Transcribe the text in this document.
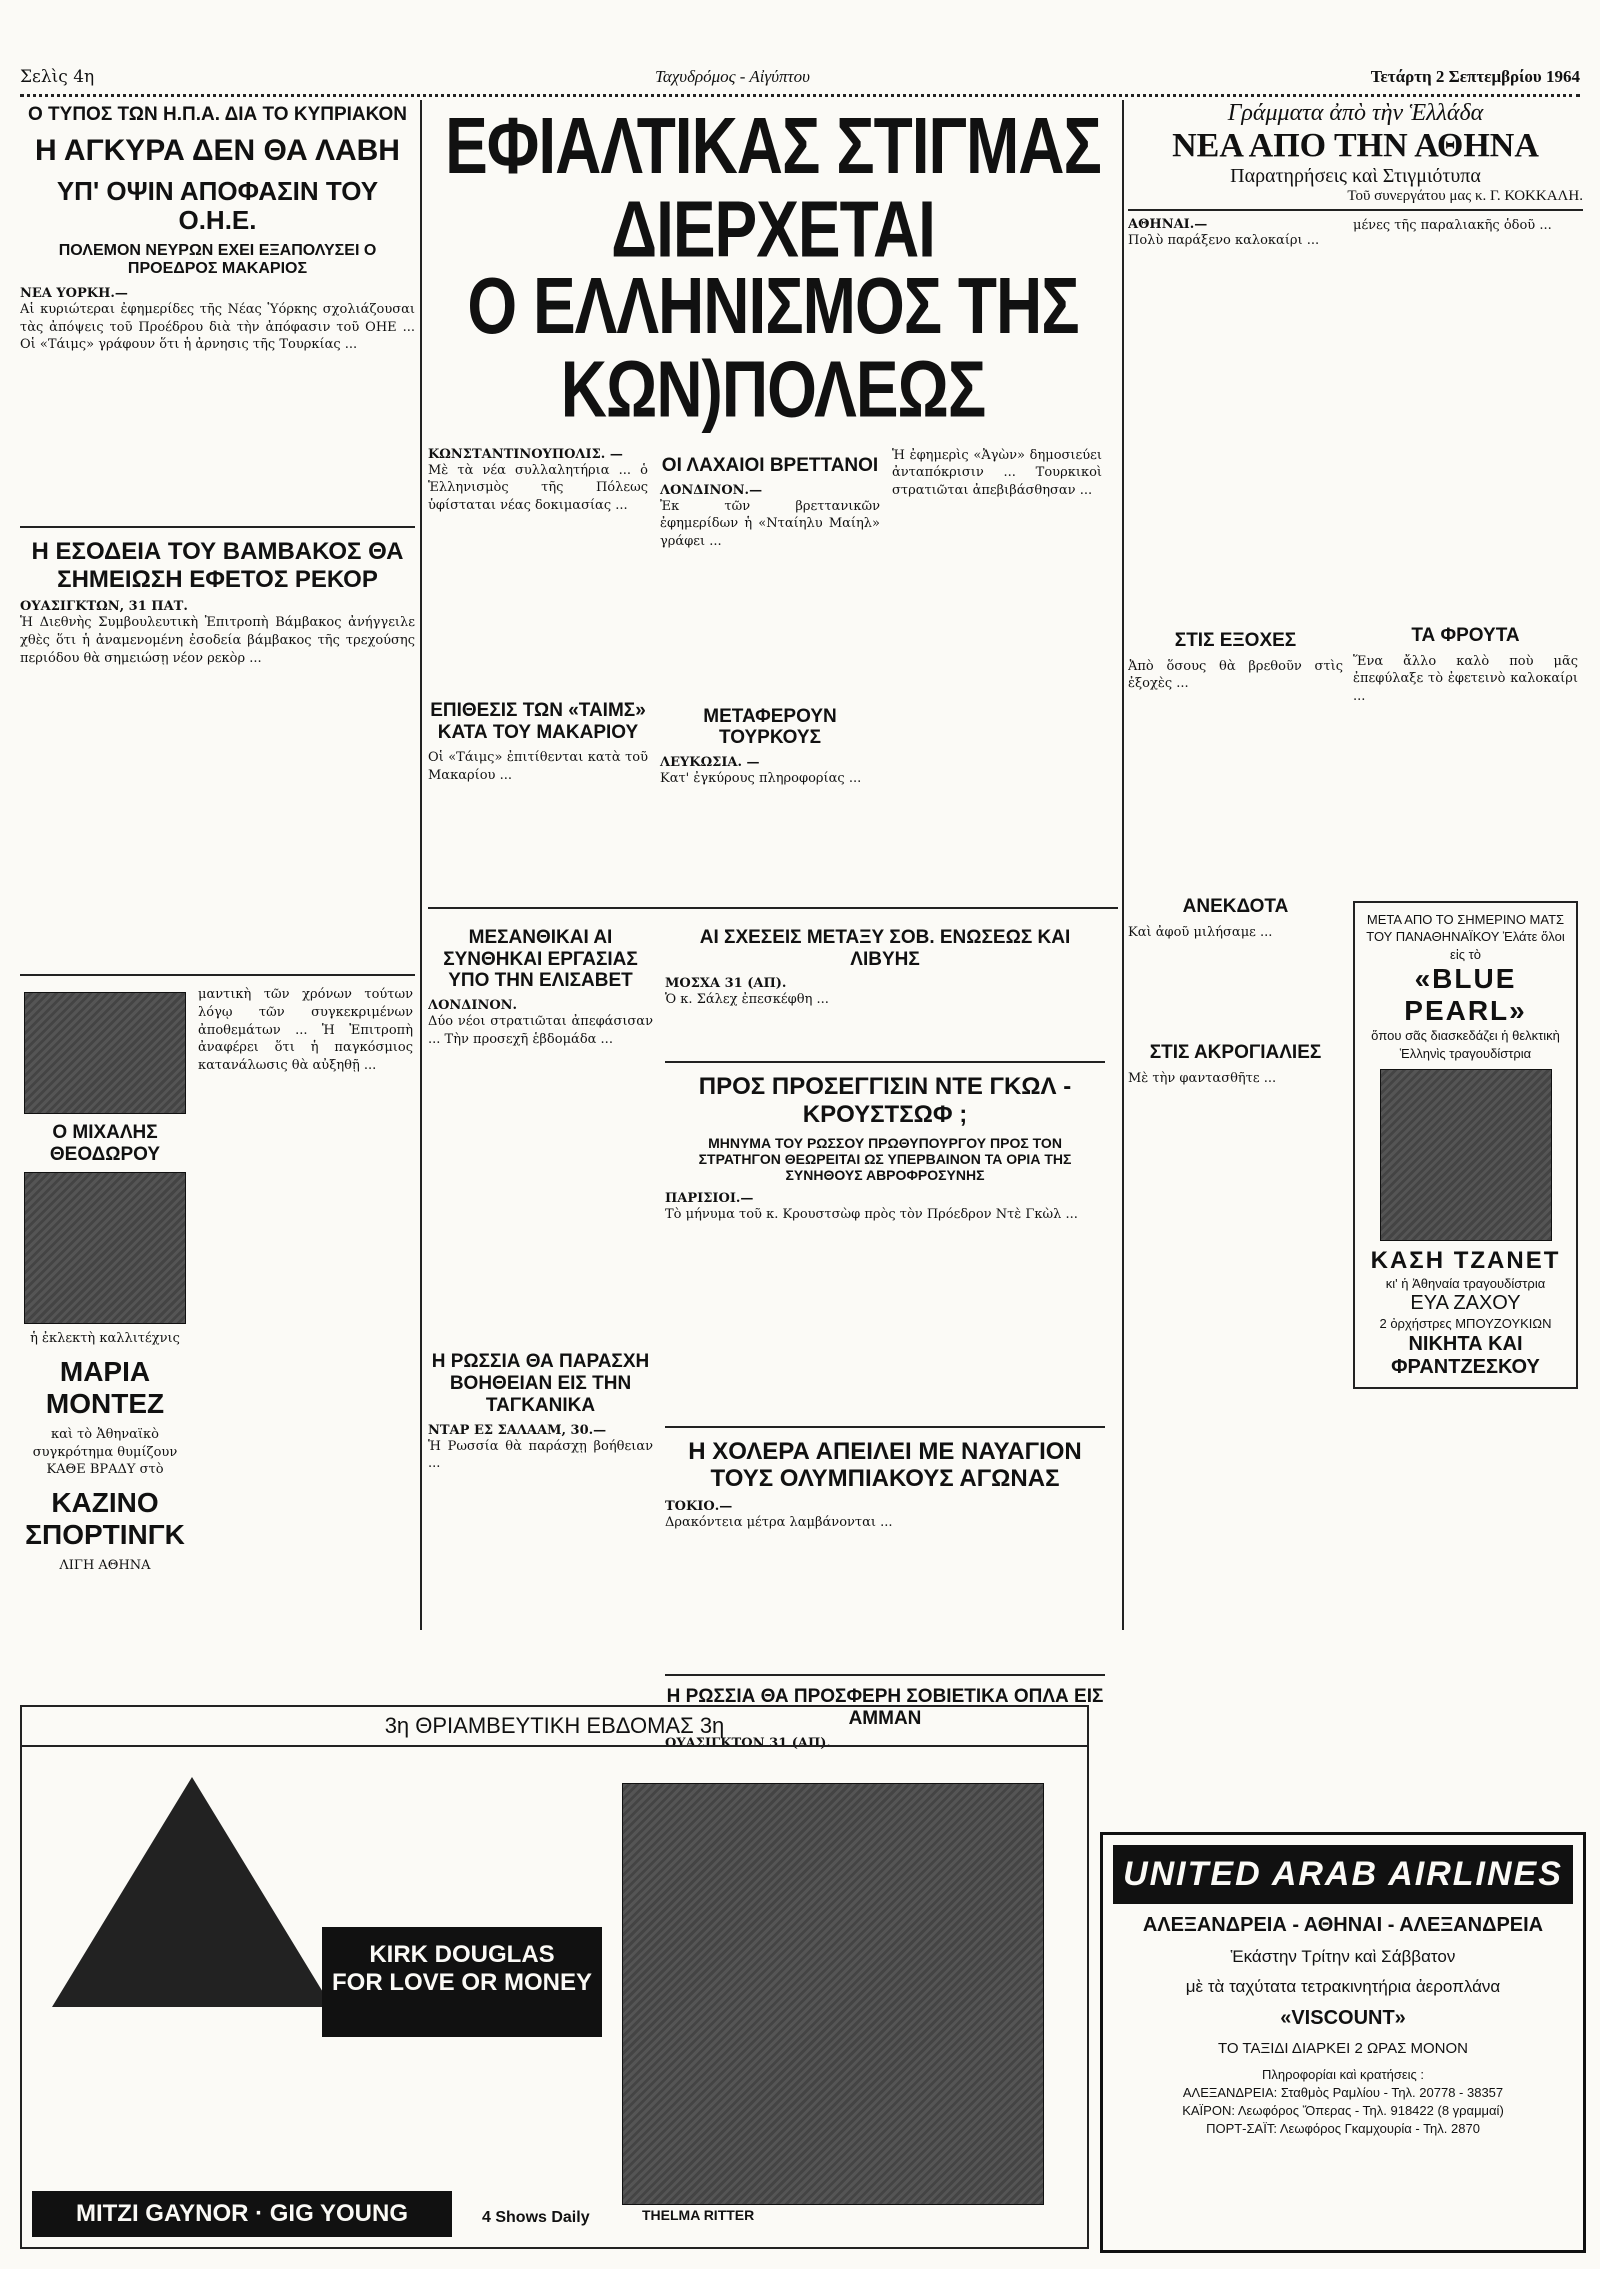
Σελὶς 4η	Ταχυδρόμος - Αἰγύπτου	Τετάρτη 2 Σεπτεμβρίου 1964
Ο ΤΥΠΟΣ ΤΩΝ Η.Π.Α. ΔΙΑ ΤΟ ΚΥΠΡΙΑΚΟΝ
Η ΑΓΚΥΡΑ ΔΕΝ ΘΑ ΛΑΒΗ
ΥΠ' ΟΨΙΝ ΑΠΟΦΑΣΙΝ ΤΟΥ Ο.Η.Ε.
ΠΟΛΕΜΟΝ ΝΕΥΡΩΝ ΕΧΕΙ ΕΞΑΠΟΛΥΣΕΙ Ο ΠΡΟΕΔΡΟΣ ΜΑΚΑΡΙΟΣ
ΝΕΑ ΥΟΡΚΗ.—
Αἱ κυριώτεραι ἐφημερίδες τῆς Νέας Ὑόρκης σχολιάζουσαι τὰς ἀπόψεις τοῦ Προέδρου διὰ τὴν ἀπόφασιν τοῦ ΟΗΕ ... Οἱ «Τάιμς» γράφουν ὅτι ἡ ἀρνησις τῆς Τουρκίας ...
Η ΕΣΟΔΕΙΑ ΤΟΥ ΒΑΜΒΑΚΟΣ ΘΑ ΣΗΜΕΙΩΣΗ ΕΦΕΤΟΣ ΡΕΚΟΡ
ΟΥΑΣΙΓΚΤΩΝ, 31 ΠΑΤ.
Ἡ Διεθνὴς Συμβουλευτικὴ Ἐπιτροπὴ Βάμβακος ἀνήγγειλε χθὲς ὅτι ἡ ἀναμενομένη ἐσοδεία βάμβακος τῆς τρεχούσης περιόδου θὰ σημειώσῃ νέον ρεκὸρ ...
Ο ΜΙΧΑΛΗΣ ΘΕΟΔΩΡΟΥ
ἡ ἐκλεκτὴ καλλιτέχνις
ΜΑΡΙΑ ΜΟΝΤΕΖ
καὶ τὸ Ἀθηναϊκὸ συγκρότημα θυμίζουν ΚΑΘΕ ΒΡΑΔΥ στὸ
ΚΑΖΙΝΟ ΣΠΟΡΤΙΝΓΚ
ΛΙΓΗ ΑΘΗΝΑ
μαντικὴ τῶν χρόνων τούτων λόγῳ τῶν συγκεκριμένων ἀποθεμάτων ... Ἡ Ἐπιτροπὴ ἀναφέρει ὅτι ἡ παγκόσμιος κατανάλωσις θὰ αὐξηθῇ ...
ΕΦΙΑΛΤΙΚΑΣ ΣΤΙΓΜΑΣ ΔΙΕΡΧΕΤΑΙ
Ο ΕΛΛΗΝΙΣΜΟΣ ΤΗΣ ΚΩΝ)ΠΟΛΕΩΣ
ΚΩΝΣΤΑΝΤΙΝΟΥΠΟΛΙΣ. —
Μὲ τὰ νέα συλλαλητήρια ... ὁ Ἑλληνισμὸς τῆς Πόλεως ὑφίσταται νέας δοκιμασίας ...
ΕΠΙΘΕΣΙΣ ΤΩΝ «ΤΑΙΜΣ» ΚΑΤΑ ΤΟΥ ΜΑΚΑΡΙΟΥ
Οἱ «Τάιμς» ἐπιτίθενται κατὰ τοῦ Μακαρίου ...
ΟΙ ΛΑΧΑΙΟΙ ΒΡΕΤΤΑΝΟΙ
ΛΟΝΔΙΝΟΝ.—
Ἐκ τῶν βρεττανικῶν ἐφημερίδων ἡ «Νταίηλυ Μαίηλ» γράφει ...
ΜΕΤΑΦΕΡΟΥΝ ΤΟΥΡΚΟΥΣ
ΛΕΥΚΩΣΙΑ. —
Κατ' ἐγκύρους πληροφορίας ...
Ἡ ἐφημερὶς «Ἀγὼν» δημοσιεύει ἀνταπόκρισιν ... Τουρκικοὶ στρατιῶται ἀπεβιβάσθησαν ...
ΜΕΣΑΝΘΙΚΑΙ ΑΙ ΣΥΝΘΗΚΑΙ ΕΡΓΑΣΙΑΣ ΥΠΟ ΤΗΝ ΕΛΙΣΑΒΕΤ
ΛΟΝΔΙΝΟΝ.
Δύο νέοι στρατιῶται ἀπεφάσισαν ... Τὴν προσεχῆ ἑβδομάδα ...
Η ΡΩΣΣΙΑ ΘΑ ΠΑΡΑΣΧΗ ΒΟΗΘΕΙΑΝ ΕΙΣ ΤΗΝ ΤΑΓΚΑΝΙΚΑ
ΝΤΑΡ ΕΣ ΣΑΛΑΑΜ, 30.—
Ἡ Ρωσσία θὰ παράσχῃ βοήθειαν ...
ΑΙ ΣΧΕΣΕΙΣ ΜΕΤΑΞΥ ΣΟΒ. ΕΝΩΣΕΩΣ ΚΑΙ ΛΙΒΥΗΣ
ΜΟΣΧΑ 31 (ΑΠ).
Ὁ κ. Σάλεχ ἐπεσκέφθη ...
ΠΡΟΣ ΠΡΟΣΕΓΓΙΣΙΝ ΝΤΕ ΓΚΩΛ - ΚΡΟΥΣΤΣΩΦ ;
ΜΗΝΥΜΑ ΤΟΥ ΡΩΣΣΟΥ ΠΡΩΘΥΠΟΥΡΓΟΥ ΠΡΟΣ ΤΟΝ ΣΤΡΑΤΗΓΟΝ ΘΕΩΡΕΙΤΑΙ ΩΣ ΥΠΕΡΒΑΙΝΟΝ ΤΑ ΟΡΙΑ ΤΗΣ ΣΥΝΗΘΟΥΣ ΑΒΡΟΦΡΟΣΥΝΗΣ
ΠΑΡΙΣΙΟΙ.—
Τὸ μήνυμα τοῦ κ. Κρουστσὼφ πρὸς τὸν Πρόεδρον Ντὲ Γκὼλ ...
Η ΧΟΛΕΡΑ ΑΠΕΙΛΕΙ ΜΕ ΝΑΥΑΓΙΟΝ ΤΟΥΣ ΟΛΥΜΠΙΑΚΟΥΣ ΑΓΩΝΑΣ
ΤΟΚΙΟ.—
Δρακόντεια μέτρα λαμβάνονται ...
Η ΡΩΣΣΙΑ ΘΑ ΠΡΟΣΦΕΡΗ ΣΟΒΙΕΤΙΚΑ ΟΠΛΑ ΕΙΣ ΑΜΜΑΝ
ΟΥΑΣΙΓΚΤΩΝ 31 (ΑΠ).
Γράμματα ἀπὸ τὴν Ἑλλάδα
ΝΕΑ ΑΠΟ ΤΗΝ ΑΘΗΝΑ
Παρατηρήσεις καὶ Στιγμιότυπα
Τοῦ συνεργάτου μας κ. Γ. ΚΟΚΚΑΛΗ.
ΑΘΗΝΑΙ.—
Πολὺ παράξενο καλοκαίρι ...
ΣΤΙΣ ΕΞΟΧΕΣ
Ἀπὸ ὅσους θὰ βρεθοῦν στὶς ἐξοχὲς ...
ΑΝΕΚΔΟΤΑ
Καὶ ἀφοῦ μιλήσαμε ...
ΣΤΙΣ ΑΚΡΟΓΙΑΛΙΕΣ
Μὲ τὴν φαντασθῆτε ...
μένες τῆς παραλιακῆς ὁδοῦ ...
ΤΑ ΦΡΟΥΤΑ
Ἕνα ἄλλο καλὸ ποὺ μᾶς ἐπεφύλαξε τὸ ἐφετεινὸ καλοκαίρι ...
ΜΕΤΑ ΑΠΟ ΤΟ ΣΗΜΕΡΙΝΟ ΜΑΤΣ ΤΟΥ ΠΑΝΑΘΗΝΑΪΚΟΥ Ἐλάτε ὅλοι εἰς τὸ
«BLUE PEARL»
ὅπου σᾶς διασκεδάζει ἡ θελκτικὴ Ἑλληνὶς τραγουδίστρια
ΚΑΣΗ ΤΖΑΝΕΤ
κι' ἡ Ἀθηναία τραγουδίστρια
ΕΥΑ ΖΑΧΟΥ
2 ὀρχήστρες ΜΠΟΥΖΟΥΚΙΩΝ
ΝΙΚΗΤΑ ΚΑΙ ΦΡΑΝΤΖΕΣΚΟΥ
3η ΘΡΙΑΜΒΕΥΤΙΚΗ ΕΒΔΟΜΑΣ 3η
KIRK DOUGLAS
FOR LOVE OR MONEY
THELMA RITTER
MITZI GAYNOR · GIG YOUNG	4 Shows Daily
UNITED ARAB AIRLINES
ΑΛΕΞΑΝΔΡΕΙΑ - ΑΘΗΝΑΙ - ΑΛΕΞΑΝΔΡΕΙΑ
Ἑκάστην Τρίτην καὶ Σάββατον
μὲ τὰ ταχύτατα τετρακινητήρια ἀεροπλάνα
«VISCOUNT»
ΤΟ ΤΑΞΙΔΙ ΔΙΑΡΚΕΙ 2 ΩΡΑΣ ΜΟΝΟΝ
Πληροφορίαι καὶ κρατήσεις :
ΑΛΕΞΑΝΔΡΕΙΑ: Σταθμὸς Ραμλίου - Τηλ. 20778 - 38357
ΚΑΪΡΟΝ: Λεωφόρος Ὄπερας - Τηλ. 918422 (8 γραμμαί)
ΠΟΡΤ-ΣΑΪΤ: Λεωφόρος Γκαμχουρία - Τηλ. 2870
